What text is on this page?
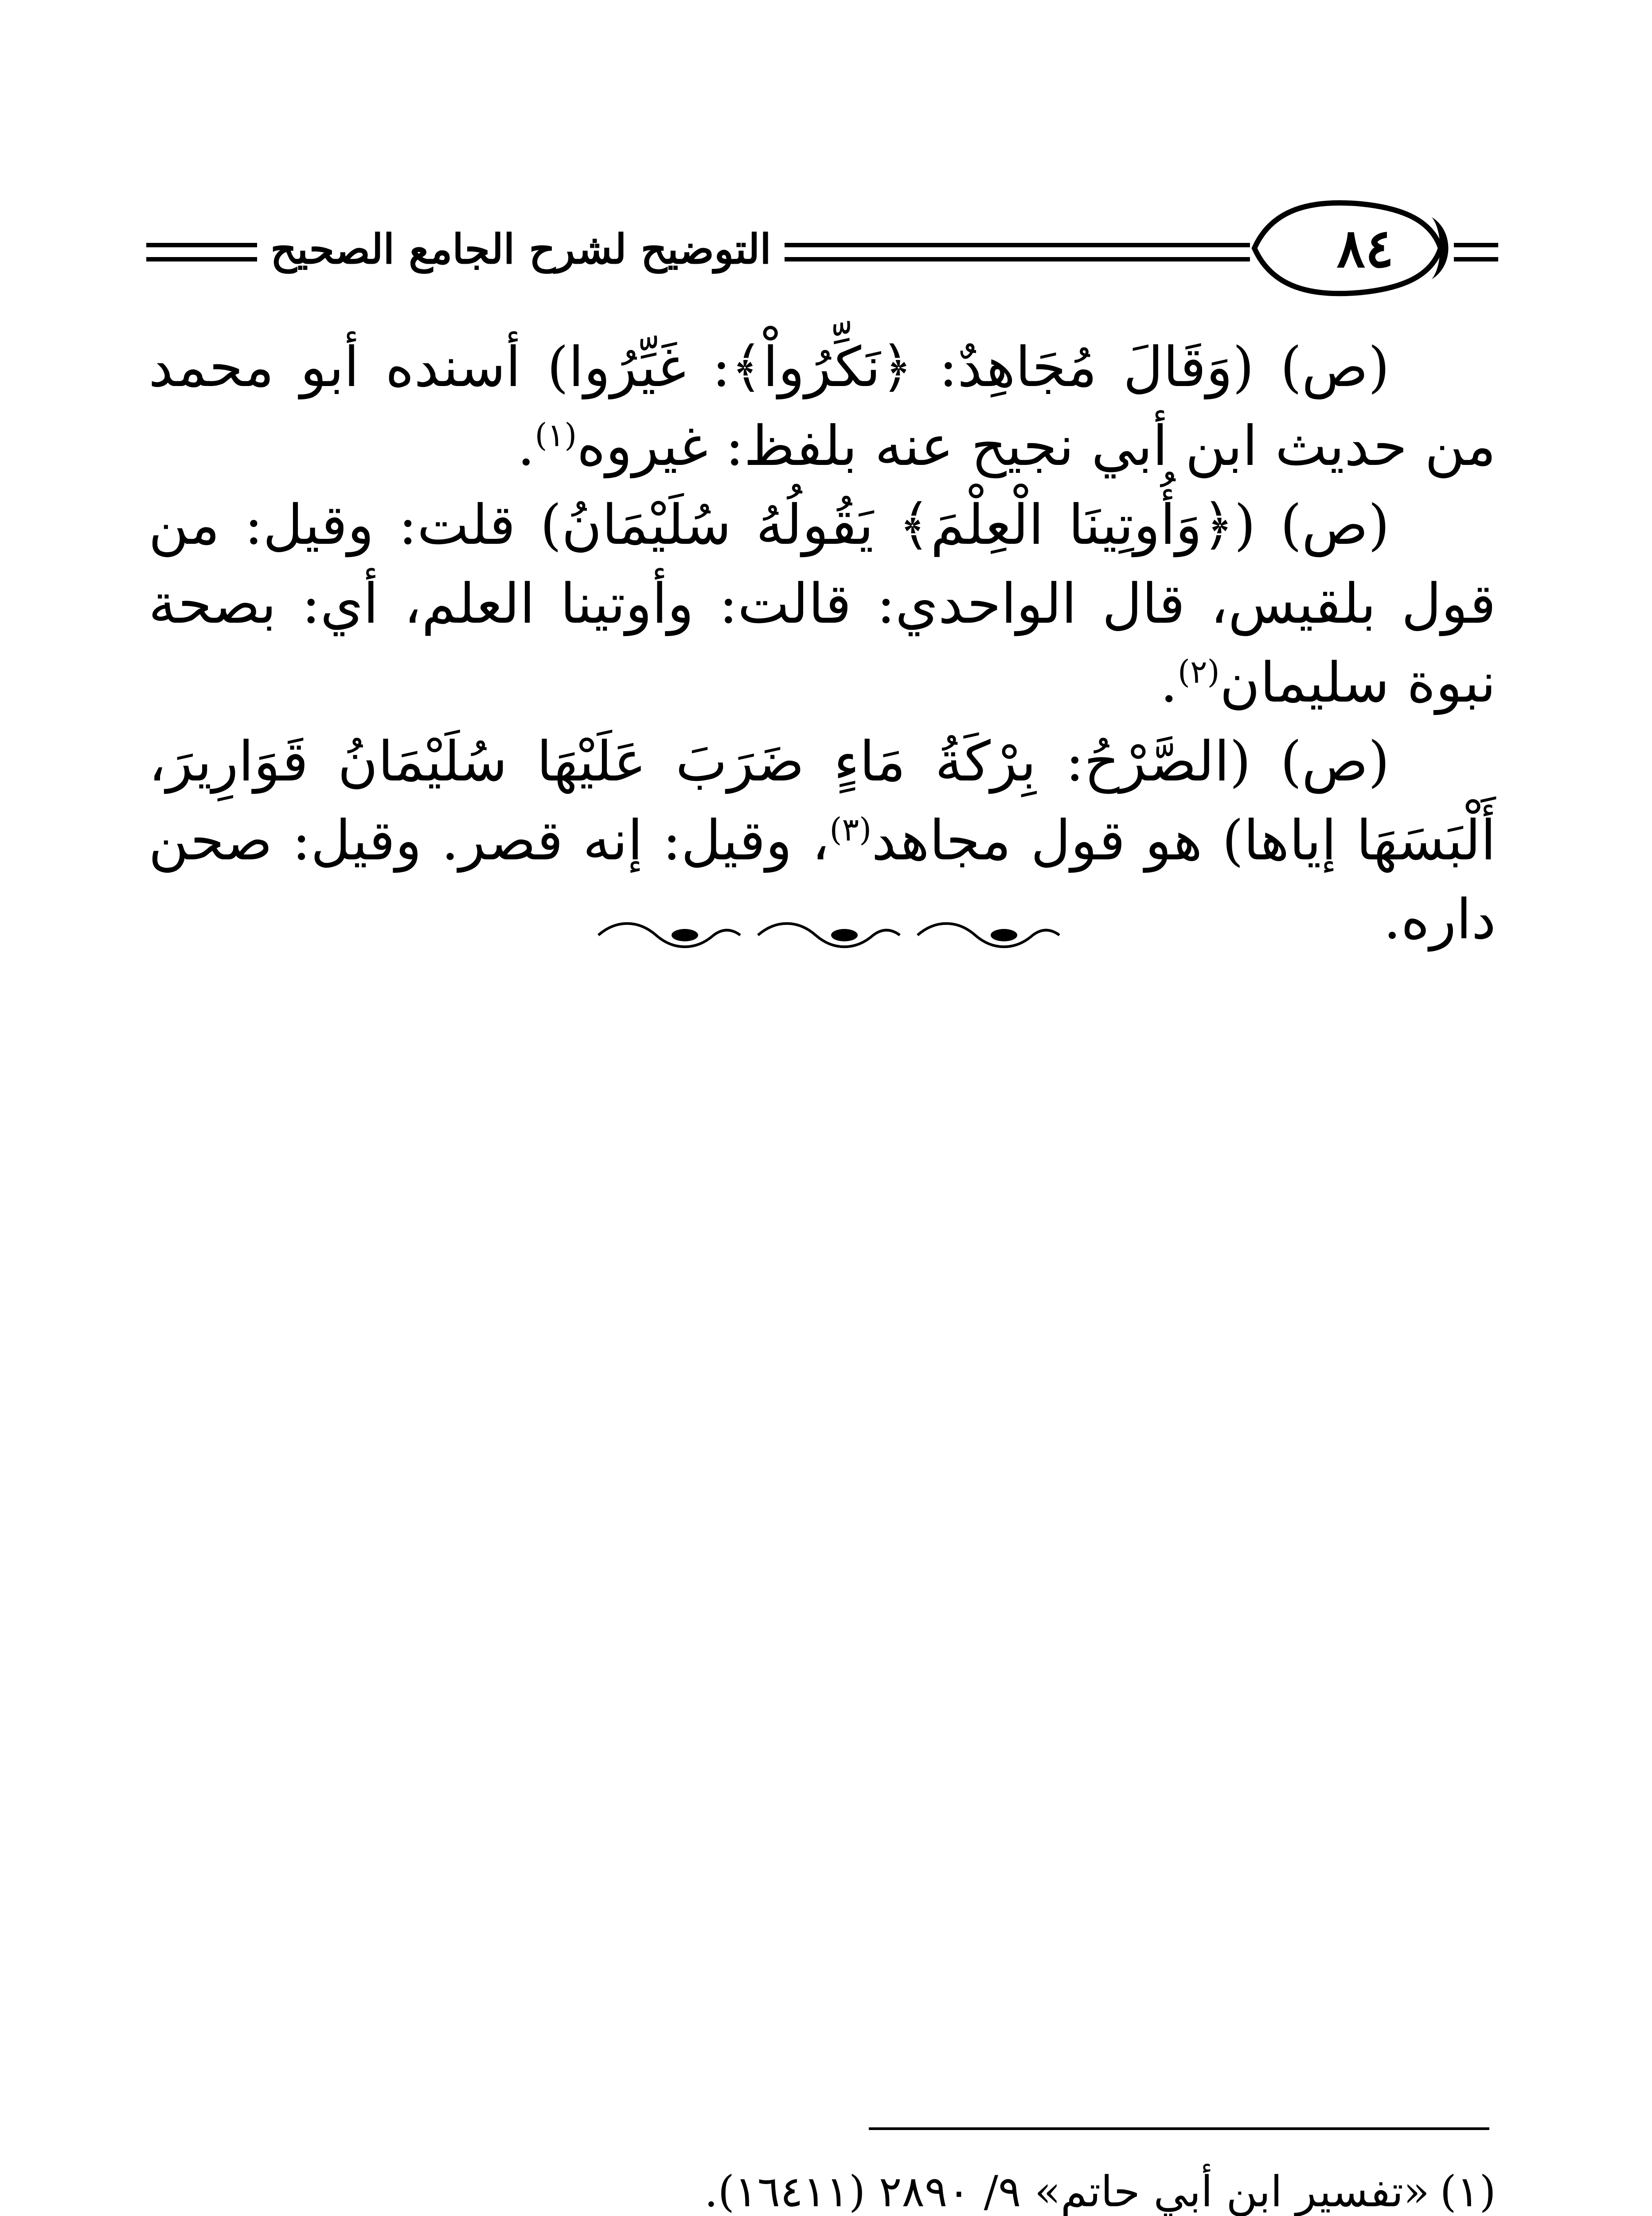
التوضيح لشرح الجامع الصحيح	٨٤

(ص) (وَقَالَ مُجَاهِدٌ: ﴿نَكِّرُواْ﴾: غَيِّرُوا) أسنده أبو محمد من حديث ابن أبي نجيح عنه بلفظ: غيروه$^{(١)}$.

(ص) (﴿وَأُوتِينَا الْعِلْمَ﴾ يَقُولُهُ سُلَيْمَانُ) قلت: وقيل: من قول بلقيس، قال الواحدي: قالت: وأوتينا العلم، أي: بصحة نبوة سليمان$^{(٢)}$.

(ص) (الصَّرْحُ: بِرْكَةُ مَاءٍ ضَرَبَ عَلَيْهَا سُلَيْمَانُ قَوَارِيرَ، أَلْبَسَهَا إياها) هو قول مجاهد$^{(٣)}$، وقيل: إنه قصر. وقيل: صحن داره.

(١)
«تفسير ابن أبي حاتم» ٩/ ٢٨٩٠ (١٦٤١١).
